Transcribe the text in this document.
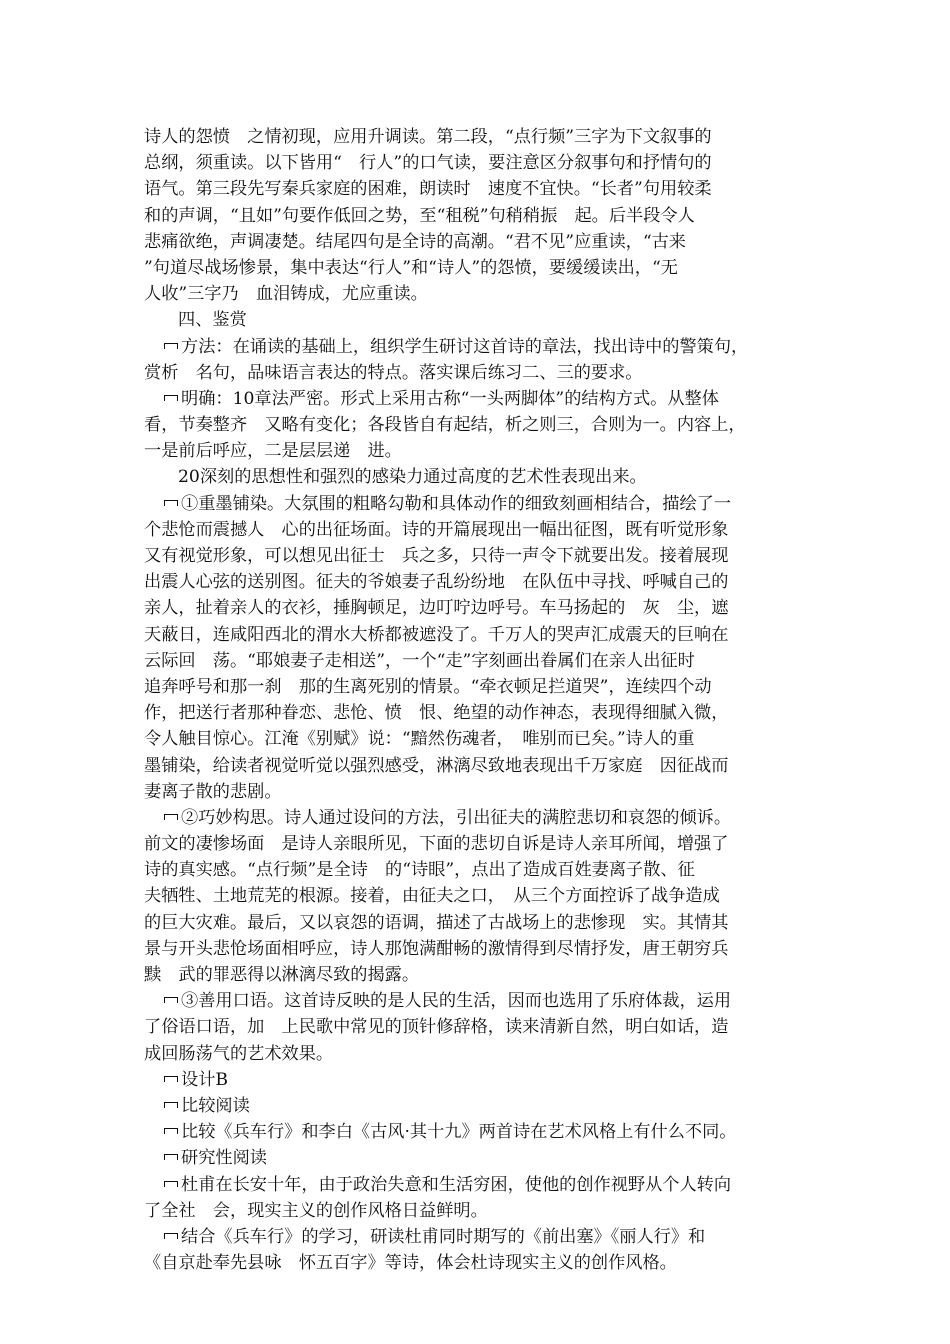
诗人的怨愤　之情初现，应用升调读。第二段，“点行频”三字为下文叙事的
总纲，须重读。以下皆用“　行人”的口气读，要注意区分叙事句和抒情句的
语气。第三段先写秦兵家庭的困难，朗读时　速度不宜快。“长者”句用较柔
和的声调，“且如”句要作低回之势，至“租税”句稍稍振　起。后半段令人
悲痛欲绝，声调凄楚。结尾四句是全诗的高潮。“君不见”应重读，“古来
”句道尽战场惨景，集中表达“行人”和“诗人”的怨愤，要缓缓读出，“无
人收”三字乃　血泪铸成，尤应重读。
四、鉴赏
方法：在诵读的基础上，组织学生研讨这首诗的章法，找出诗中的警策句，
赏析　名句，品味语言表达的特点。落实课后练习二、三的要求。
明确：10章法严密。形式上采用古称“一头两脚体”的结构方式。从整体
看，节奏整齐　又略有变化；各段皆自有起结，析之则三，合则为一。内容上，
一是前后呼应，二是层层递　进。
20深刻的思想性和强烈的感染力通过高度的艺术性表现出来。
①重墨铺染。大氛围的粗略勾勒和具体动作的细致刻画相结合，描绘了一
个悲怆而震撼人　心的出征场面。诗的开篇展现出一幅出征图，既有听觉形象
又有视觉形象，可以想见出征士　兵之多，只待一声令下就要出发。接着展现
出震人心弦的送别图。征夫的爷娘妻子乱纷纷地　在队伍中寻找、呼喊自己的
亲人，扯着亲人的衣衫，捶胸顿足，边叮咛边呼号。车马扬起的　灰　尘，遮
天蔽日，连咸阳西北的渭水大桥都被遮没了。千万人的哭声汇成震天的巨响在
云际回　荡。“耶娘妻子走相送”，一个“走”字刻画出眷属们在亲人出征时
追奔呼号和那一刹　那的生离死别的情景。“牵衣顿足拦道哭”，连续四个动
作，把送行者那种眷恋、悲怆、愤　恨、绝望的动作神态，表现得细腻入微，
令人触目惊心。江淹《别赋》说：“黯然伤魂者，　唯别而已矣。”诗人的重
墨铺染，给读者视觉听觉以强烈感受，淋漓尽致地表现出千万家庭　因征战而
妻离子散的悲剧。
②巧妙构思。诗人通过设问的方法，引出征夫的满腔悲切和哀怨的倾诉。
前文的凄惨场面　是诗人亲眼所见，下面的悲切自诉是诗人亲耳所闻，增强了
诗的真实感。“点行频”是全诗　的“诗眼”，点出了造成百姓妻离子散、征
夫牺牲、土地荒芜的根源。接着，由征夫之口，　从三个方面控诉了战争造成
的巨大灾难。最后，又以哀怨的语调，描述了古战场上的悲惨现　实。其情其
景与开头悲怆场面相呼应，诗人那饱满酣畅的激情得到尽情抒发，唐王朝穷兵
黩　武的罪恶得以淋漓尽致的揭露。
③善用口语。这首诗反映的是人民的生活，因而也选用了乐府体裁，运用
了俗语口语，加　上民歌中常见的顶针修辞格，读来清新自然，明白如话，造
成回肠荡气的艺术效果。
设计B
比较阅读
比较《兵车行》和李白《古风·其十九》两首诗在艺术风格上有什么不同。
研究性阅读
杜甫在长安十年，由于政治失意和生活穷困，使他的创作视野从个人转向
了全社　会，现实主义的创作风格日益鲜明。
结合《兵车行》的学习，研读杜甫同时期写的《前出塞》《丽人行》和
《自京赴奉先县咏　怀五百字》等诗，体会杜诗现实主义的创作风格。
